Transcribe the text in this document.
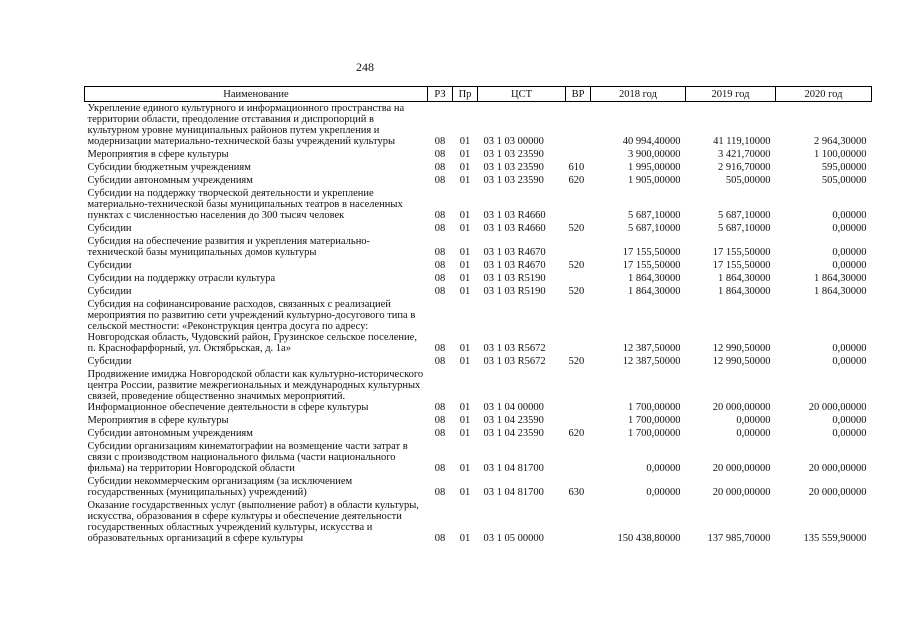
248
Наименование	РЗ	Пр	ЦСТ	ВР	2018 год	2019 год	2020 год
Укрепление единого культурного и информационного пространства на территории области, преодоление отставания и диспропорций в культурном уровне муниципальных районов путем укрепления и модернизации материально-технической базы учреждений культуры	08	01	03 1 03 00000		40 994,40000	41 119,10000	2 964,30000
Мероприятия в сфере культуры	08	01	03 1 03 23590		3 900,00000	3 421,70000	1 100,00000
Субсидии бюджетным учреждениям	08	01	03 1 03 23590	610	1 995,00000	2 916,70000	595,00000
Субсидии автономным учреждениям	08	01	03 1 03 23590	620	1 905,00000	505,00000	505,00000
Субсидии на поддержку творческой деятельности и укрепление материально-технической базы муниципальных театров в населенных пунктах с численностью населения до 300 тысяч человек	08	01	03 1 03 R4660		5 687,10000	5 687,10000	0,00000
Субсидии	08	01	03 1 03 R4660	520	5 687,10000	5 687,10000	0,00000
Субсидия на обеспечение развития и укрепления материально-технической базы муниципальных домов культуры	08	01	03 1 03 R4670		17 155,50000	17 155,50000	0,00000
Субсидии	08	01	03 1 03 R4670	520	17 155,50000	17 155,50000	0,00000
Субсидии на поддержку отрасли культура	08	01	03 1 03 R5190		1 864,30000	1 864,30000	1 864,30000
Субсидии	08	01	03 1 03 R5190	520	1 864,30000	1 864,30000	1 864,30000
Субсидия на софинансирование расходов, связанных с реализацией мероприятия по развитию сети учреждений культурно-досугового типа в сельской местности: «Реконструкция центра досуга по адресу: Новгородская область, Чудовский район, Грузинское сельское поселение, п. Краснофарфорный, ул. Октябрьская, д. 1а»	08	01	03 1 03 R5672		12 387,50000	12 990,50000	0,00000
Субсидии	08	01	03 1 03 R5672	520	12 387,50000	12 990,50000	0,00000
Продвижение имиджа Новгородской области как культурно-исторического центра России, развитие межрегиональных и международных культурных связей, проведение общественно значимых мероприятий. Информационное обеспечение деятельности в сфере культуры	08	01	03 1 04 00000		1 700,00000	20 000,00000	20 000,00000
Мероприятия в сфере культуры	08	01	03 1 04 23590		1 700,00000	0,00000	0,00000
Субсидии автономным учреждениям	08	01	03 1 04 23590	620	1 700,00000	0,00000	0,00000
Субсидии организациям кинематографии на возмещение части затрат в связи с производством национального фильма (части национального фильма) на территории Новгородской области	08	01	03 1 04 81700		0,00000	20 000,00000	20 000,00000
Субсидии некоммерческим организациям (за исключением государственных (муниципальных) учреждений)	08	01	03 1 04 81700	630	0,00000	20 000,00000	20 000,00000
Оказание государственных услуг (выполнение работ) в области культуры, искусства, образования в сфере культуры и обеспечение деятельности государственных областных учреждений культуры, искусства и образовательных организаций в сфере культуры	08	01	03 1 05 00000		150 438,80000	137 985,70000	135 559,90000
